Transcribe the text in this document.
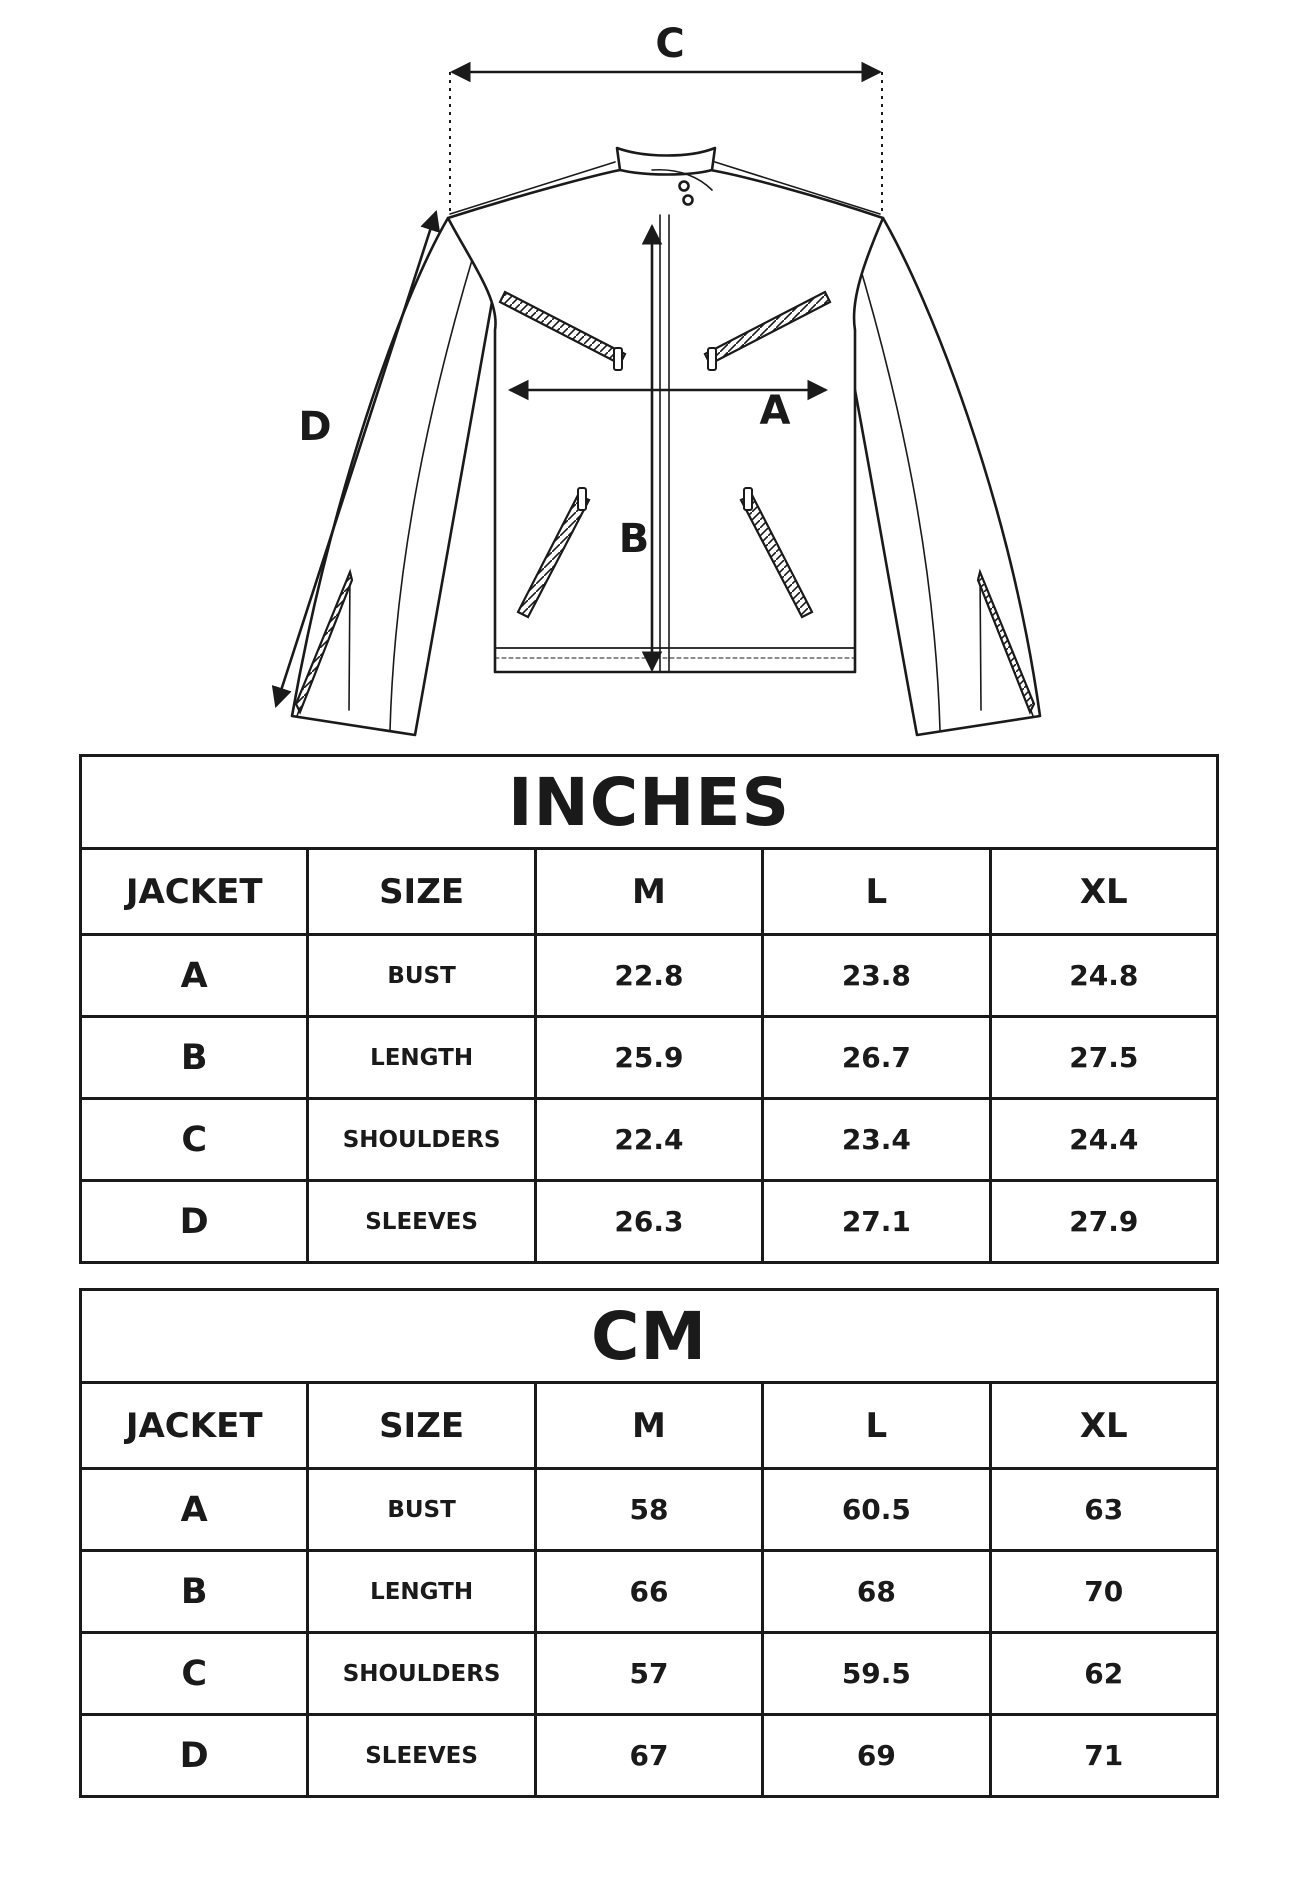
C
A
B
D
INCHES				
JACKET	SIZE	M	L	XL
A	BUST	22.8	23.8	24.8
B	LENGTH	25.9	26.7	27.5
C	SHOULDERS	22.4	23.4	24.4
D	SLEEVES	26.3	27.1	27.9
CM				
JACKET	SIZE	M	L	XL
A	BUST	58	60.5	63
B	LENGTH	66	68	70
C	SHOULDERS	57	59.5	62
D	SLEEVES	67	69	71
